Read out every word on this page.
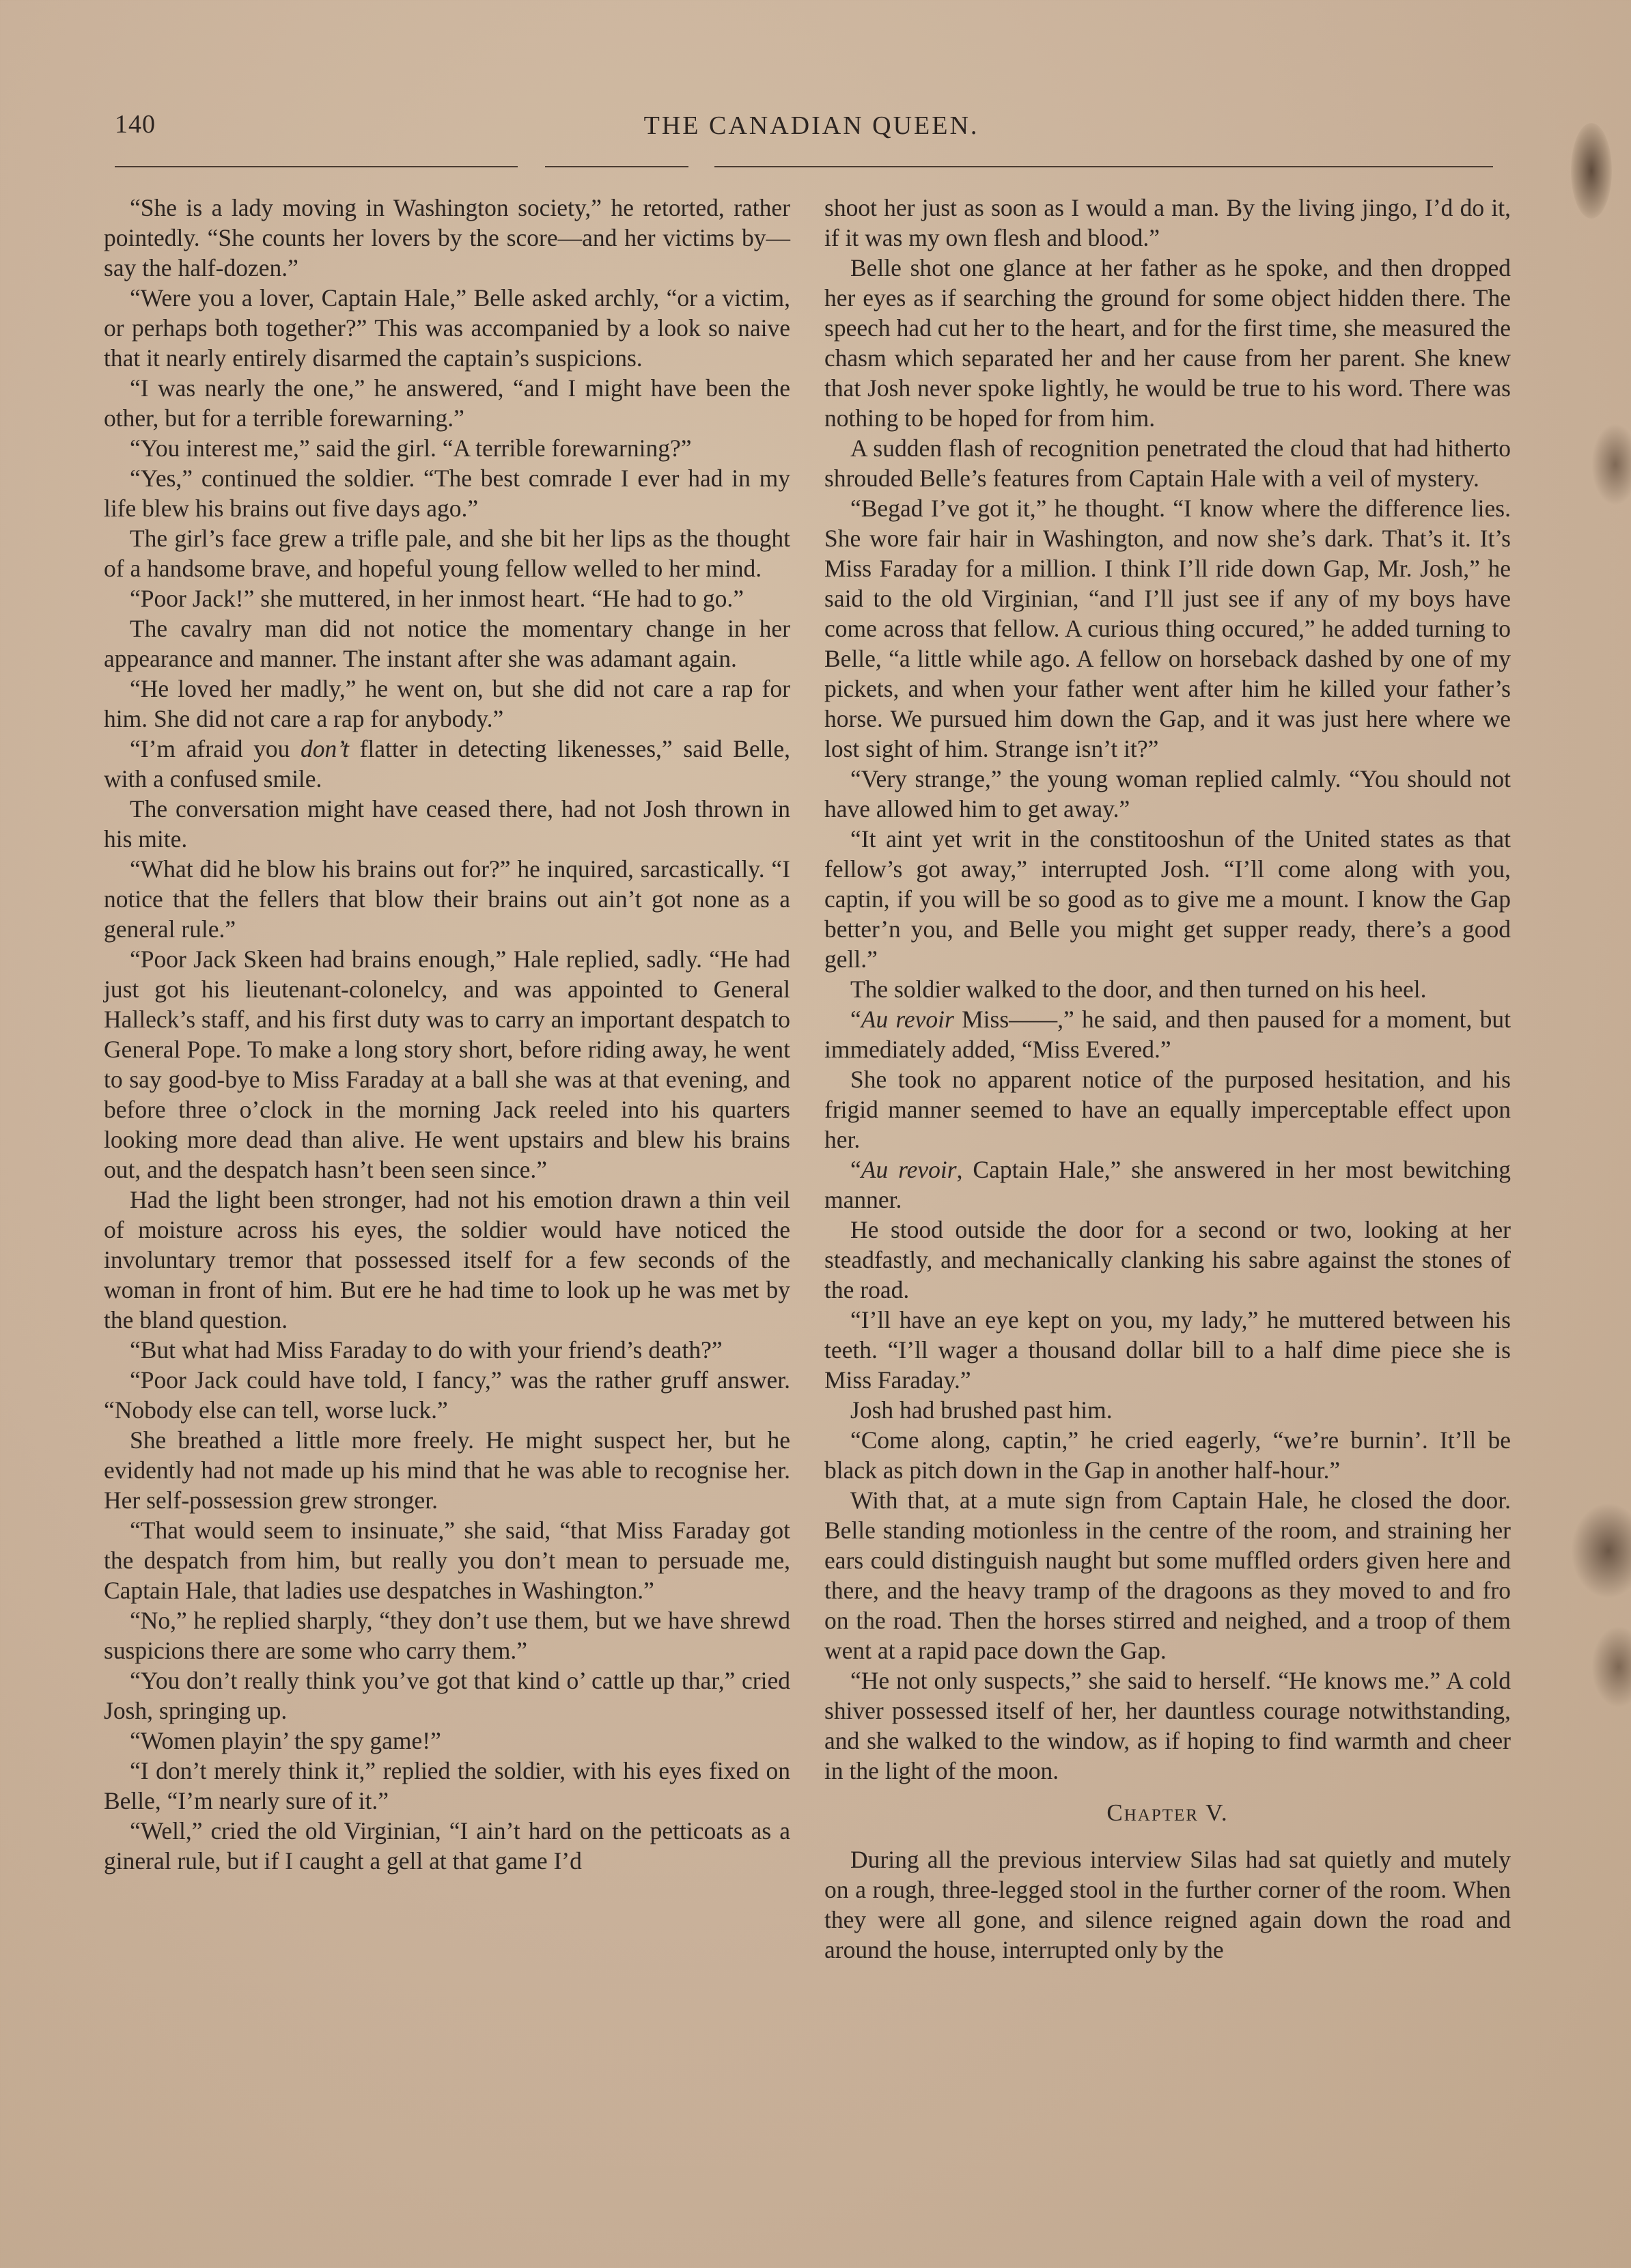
140	THE CANADIAN QUEEN.

“She is a lady moving in Washington society,” he retorted, rather pointedly. “She counts her lovers by the score—and her victims by—say the half-dozen.”

“Were you a lover, Captain Hale,” Belle asked archly, “or a victim, or perhaps both together?” This was accompanied by a look so naive that it nearly entirely disarmed the captain’s suspicions.

“I was nearly the one,” he answered, “and I might have been the other, but for a terrible forewarning.”

“You interest me,” said the girl. “A terrible forewarning?”

“Yes,” continued the soldier. “The best comrade I ever had in my life blew his brains out five days ago.”

The girl’s face grew a trifle pale, and she bit her lips as the thought of a handsome brave, and hopeful young fellow welled to her mind.

“Poor Jack!” she muttered, in her inmost heart. “He had to go.”

The cavalry man did not notice the momentary change in her appearance and manner. The instant after she was adamant again.

“He loved her madly,” he went on, but she did not care a rap for him. She did not care a rap for anybody.”

“I’m afraid you don’t flatter in detecting likenesses,” said Belle, with a confused smile.

The conversation might have ceased there, had not Josh thrown in his mite.

“What did he blow his brains out for?” he inquired, sarcastically. “I notice that the fellers that blow their brains out ain’t got none as a general rule.”

“Poor Jack Skeen had brains enough,” Hale replied, sadly. “He had just got his lieutenant-colonelcy, and was appointed to General Halleck’s staff, and his first duty was to carry an important despatch to General Pope. To make a long story short, before riding away, he went to say good-bye to Miss Faraday at a ball she was at that evening, and before three o’clock in the morning Jack reeled into his quarters looking more dead than alive. He went upstairs and blew his brains out, and the despatch hasn’t been seen since.”

Had the light been stronger, had not his emotion drawn a thin veil of moisture across his eyes, the soldier would have noticed the involuntary tremor that possessed itself for a few seconds of the woman in front of him. But ere he had time to look up he was met by the bland question.

“But what had Miss Faraday to do with your friend’s death?”

“Poor Jack could have told, I fancy,” was the rather gruff answer. “Nobody else can tell, worse luck.”

She breathed a little more freely. He might suspect her, but he evidently had not made up his mind that he was able to recognise her. Her self-possession grew stronger.

“That would seem to insinuate,” she said, “that Miss Faraday got the despatch from him, but really you don’t mean to persuade me, Captain Hale, that ladies use despatches in Washington.”

“No,” he replied sharply, “they don’t use them, but we have shrewd suspicions there are some who carry them.”

“You don’t really think you’ve got that kind o’ cattle up thar,” cried Josh, springing up.

“Women playin’ the spy game!”

“I don’t merely think it,” replied the soldier, with his eyes fixed on Belle, “I’m nearly sure of it.”

“Well,” cried the old Virginian, “I ain’t hard on the petticoats as a gineral rule, but if I caught a gell at that game I’d

shoot her just as soon as I would a man. By the living jingo, I’d do it, if it was my own flesh and blood.”

Belle shot one glance at her father as he spoke, and then dropped her eyes as if searching the ground for some object hidden there. The speech had cut her to the heart, and for the first time, she measured the chasm which separated her and her cause from her parent. She knew that Josh never spoke lightly, he would be true to his word. There was nothing to be hoped for from him.

A sudden flash of recognition penetrated the cloud that had hitherto shrouded Belle’s features from Captain Hale with a veil of mystery.

“Begad I’ve got it,” he thought. “I know where the difference lies. She wore fair hair in Washington, and now she’s dark. That’s it. It’s Miss Faraday for a million. I think I’ll ride down Gap, Mr. Josh,” he said to the old Virginian, “and I’ll just see if any of my boys have come across that fellow. A curious thing occured,” he added turning to Belle, “a little while ago. A fellow on horseback dashed by one of my pickets, and when your father went after him he killed your father’s horse. We pursued him down the Gap, and it was just here where we lost sight of him. Strange isn’t it?”

“Very strange,” the young woman replied calmly. “You should not have allowed him to get away.”

“It aint yet writ in the constitooshun of the United states as that fellow’s got away,” interrupted Josh. “I’ll come along with you, captin, if you will be so good as to give me a mount. I know the Gap better’n you, and Belle you might get supper ready, there’s a good gell.”

The soldier walked to the door, and then turned on his heel.

“Au revoir Miss——,” he said, and then paused for a moment, but immediately added, “Miss Evered.”

She took no apparent notice of the purposed hesitation, and his frigid manner seemed to have an equally imperceptable effect upon her.

“Au revoir, Captain Hale,” she answered in her most bewitching manner.

He stood outside the door for a second or two, looking at her steadfastly, and mechanically clanking his sabre against the stones of the road.

“I’ll have an eye kept on you, my lady,” he muttered between his teeth. “I’ll wager a thousand dollar bill to a half dime piece she is Miss Faraday.”

Josh had brushed past him.

“Come along, captin,” he cried eagerly, “we’re burnin’. It’ll be black as pitch down in the Gap in another half-hour.”

With that, at a mute sign from Captain Hale, he closed the door. Belle standing motionless in the centre of the room, and straining her ears could distinguish naught but some muffled orders given here and there, and the heavy tramp of the dragoons as they moved to and fro on the road. Then the horses stirred and neighed, and a troop of them went at a rapid pace down the Gap.

“He not only suspects,” she said to herself. “He knows me.” A cold shiver possessed itself of her, her dauntless courage notwithstanding, and she walked to the window, as if hoping to find warmth and cheer in the light of the moon.

Chapter V.

During all the previous interview Silas had sat quietly and mutely on a rough, three-legged stool in the further corner of the room. When they were all gone, and silence reigned again down the road and around the house, interrupted only by the
